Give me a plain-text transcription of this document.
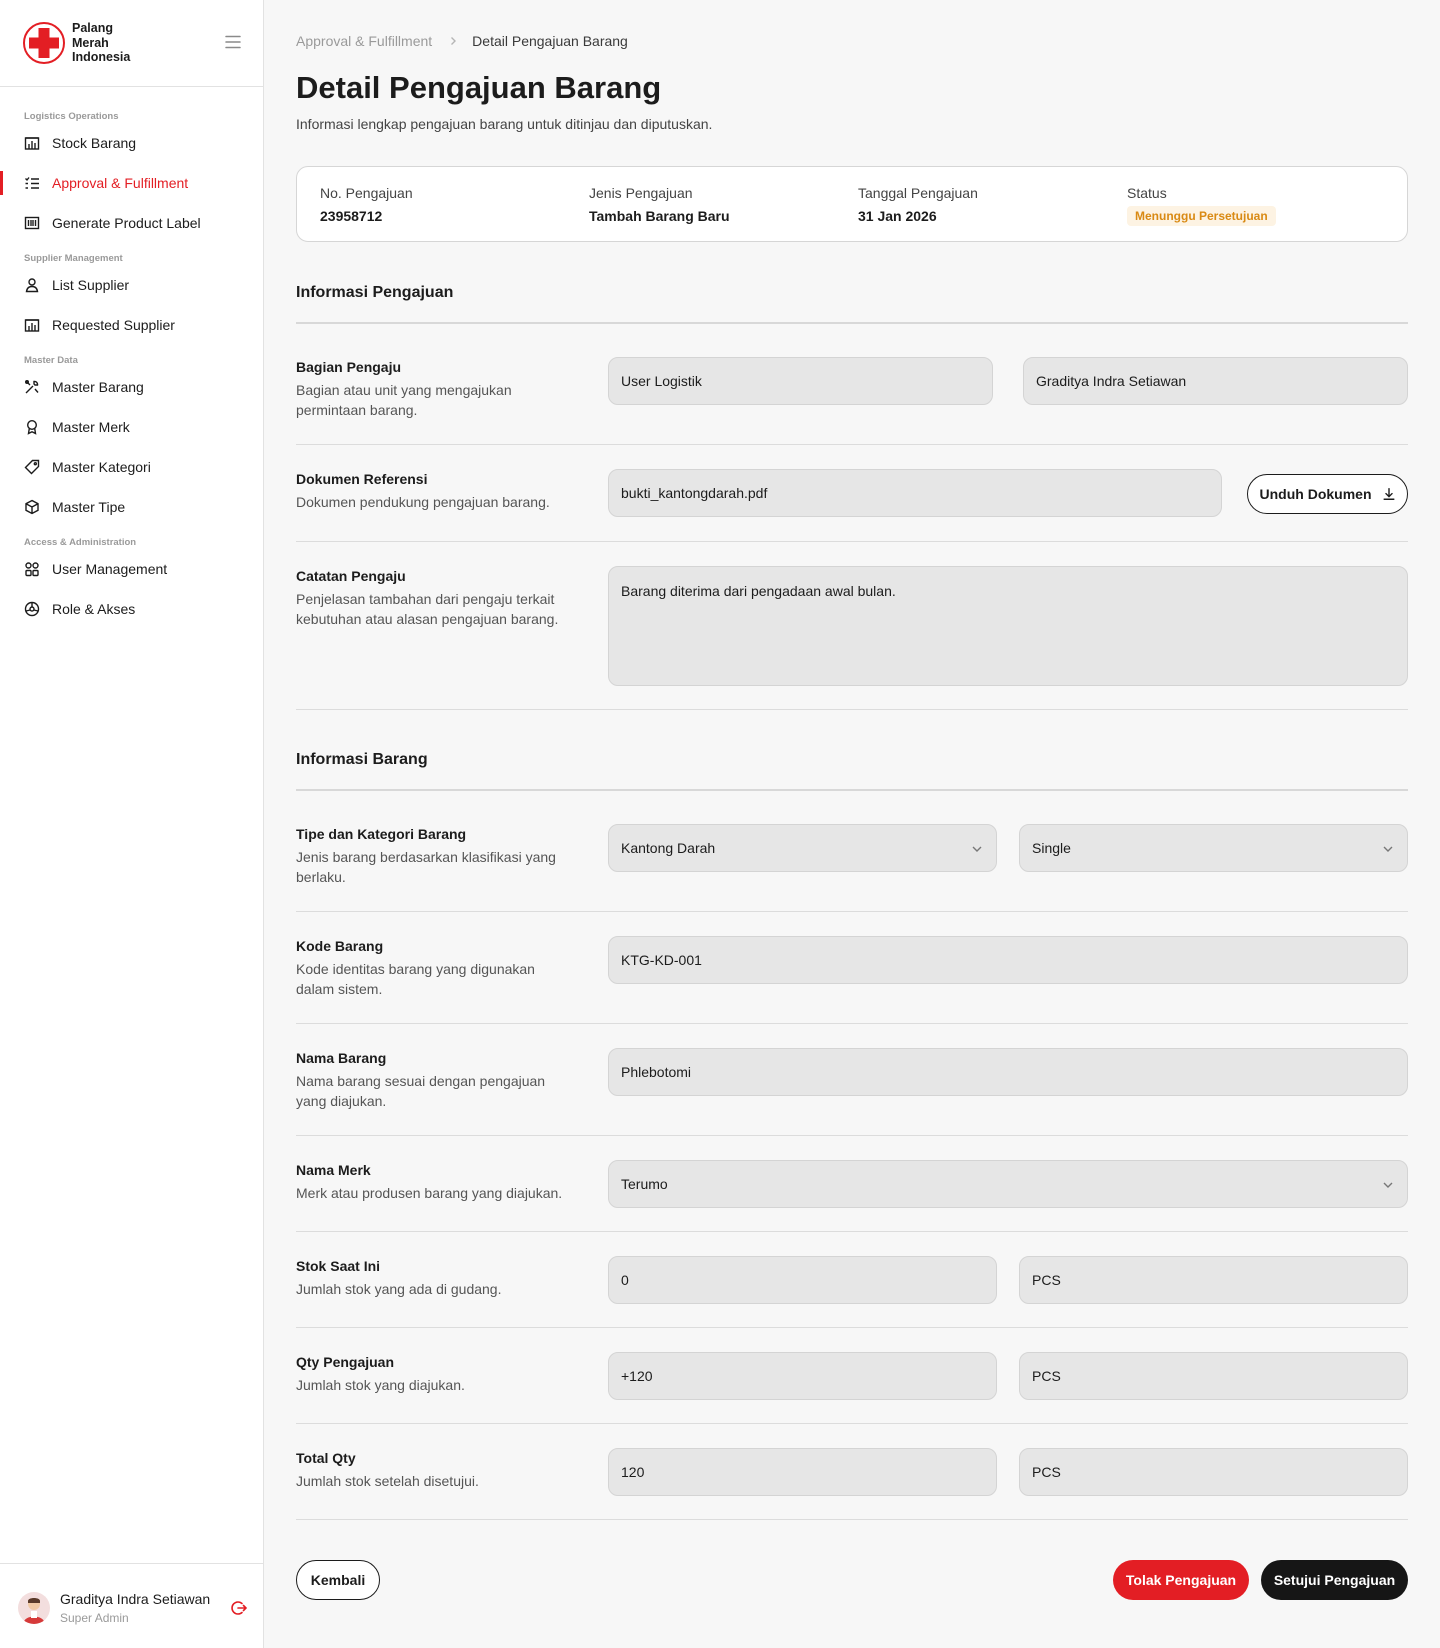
Palang
Merah
Indonesia
Logistics Operations
Stock Barang
Approval & Fulfillment
Generate Product Label
Supplier Management
List Supplier
Requested Supplier
Master Data
Master Barang
Master Merk
Master Kategori
Master Tipe
Access & Administration
User Management
Role & Akses
Graditya Indra Setiawan
Super Admin
Approval & Fulfillment	Detail Pengajuan Barang
Detail Pengajuan Barang

Informasi lengkap pengajuan barang untuk ditinjau dan diputuskan.

No. Pengajuan
23958712
Jenis Pengajuan
Tambah Barang Baru
Tanggal Pengajuan
31 Jan 2026
Status
Menunggu Persetujuan
Informasi Pengajuan
Bagian Pengaju
Bagian atau unit yang mengajukan permintaan barang.
User Logistik	Graditya Indra Setiawan
Dokumen Referensi
Dokumen pendukung pengajuan barang.
bukti_kantongdarah.pdf	Unduh Dokumen
Catatan Pengaju
Penjelasan tambahan dari pengaju terkait kebutuhan atau alasan pengajuan barang.
Barang diterima dari pengadaan awal bulan.
Informasi Barang
Tipe dan Kategori Barang
Jenis barang berdasarkan klasifikasi yang berlaku.
Kantong Darah	Single
Kode Barang
Kode identitas barang yang digunakan dalam sistem.
KTG-KD-001
Nama Barang
Nama barang sesuai dengan pengajuan yang diajukan.
Phlebotomi
Nama Merk
Merk atau produsen barang yang diajukan.
Terumo
Stok Saat Ini
Jumlah stok yang ada di gudang.
0	PCS
Qty Pengajuan
Jumlah stok yang diajukan.
+120	PCS
Total Qty
Jumlah stok setelah disetujui.
120	PCS
Kembali	Tolak Pengajuan	Setujui Pengajuan
